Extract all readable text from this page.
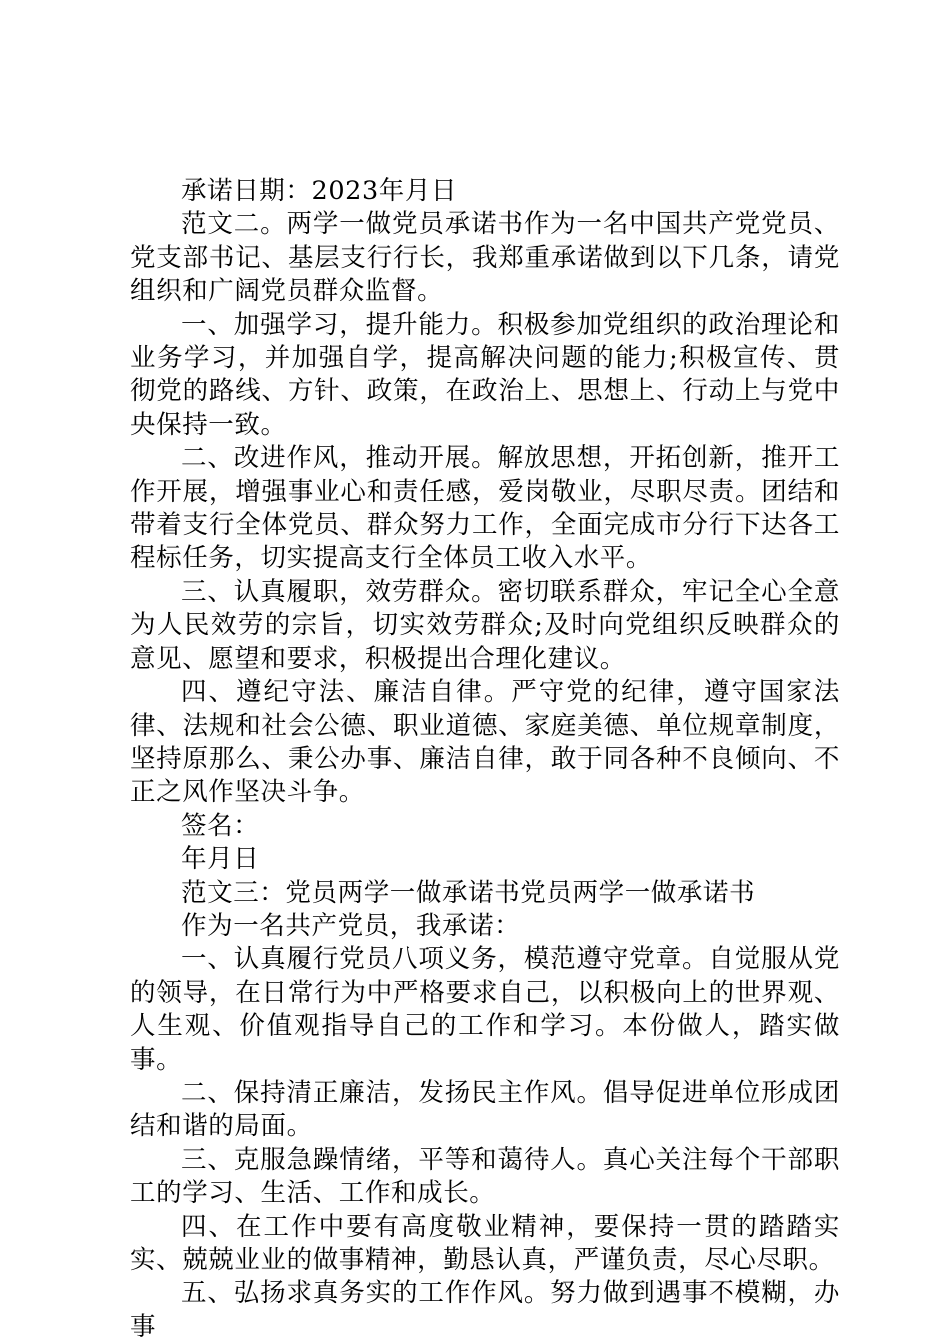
承诺日期：2023年月日

范文二。两学一做党员承诺书作为一名中国共产党党员、党支部书记、基层支行行长，我郑重承诺做到以下几条，请党组织和广阔党员群众监督。

一、加强学习，提升能力。积极参加党组织的政治理论和业务学习，并加强自学，提高解决问题的能力;积极宣传、贯彻党的路线、方针、政策，在政治上、思想上、行动上与党中央保持一致。

二、改进作风，推动开展。解放思想，开拓创新，推开工作开展，增强事业心和责任感，爱岗敬业，尽职尽责。团结和带着支行全体党员、群众努力工作，全面完成市分行下达各工程标任务，切实提高支行全体员工收入水平。

三、认真履职，效劳群众。密切联系群众，牢记全心全意为人民效劳的宗旨，切实效劳群众;及时向党组织反映群众的意见、愿望和要求，积极提出合理化建议。

四、遵纪守法、廉洁自律。严守党的纪律，遵守国家法律、法规和社会公德、职业道德、家庭美德、单位规章制度，坚持原那么、秉公办事、廉洁自律，敢于同各种不良倾向、不正之风作坚决斗争。

签名：

年月日

范文三：党员两学一做承诺书党员两学一做承诺书

作为一名共产党员，我承诺：

一、认真履行党员八项义务，模范遵守党章。自觉服从党的领导，在日常行为中严格要求自己，以积极向上的世界观、人生观、价值观指导自己的工作和学习。本份做人，踏实做事。

二、保持清正廉洁，发扬民主作风。倡导促进单位形成团结和谐的局面。

三、克服急躁情绪，平等和蔼待人。真心关注每个干部职工的学习、生活、工作和成长。

四、在工作中要有高度敬业精神，要保持一贯的踏踏实实、兢兢业业的做事精神，勤恳认真，严谨负责，尽心尽职。

五、弘扬求真务实的工作作风。努力做到遇事不模糊，办事
